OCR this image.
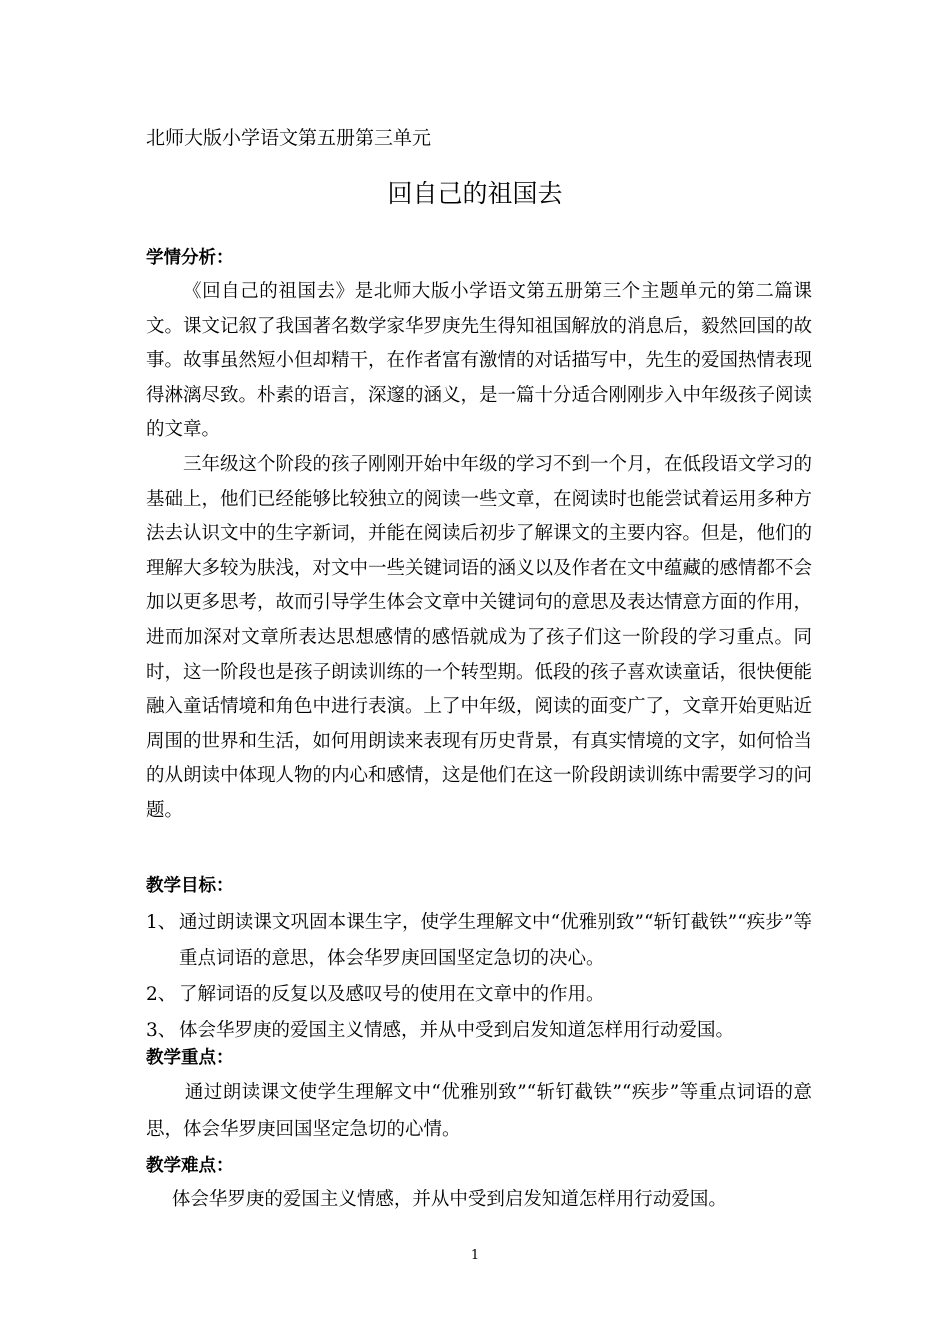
北师大版小学语文第五册第三单元
回自己的祖国去
学情分析：

《回自己的祖国去》是北师大版小学语文第五册第三个主题单元的第二篇课文。课文记叙了我国著名数学家华罗庚先生得知祖国解放的消息后，毅然回国的故事。故事虽然短小但却精干，在作者富有激情的对话描写中，先生的爱国热情表现得淋漓尽致。朴素的语言，深邃的涵义，是一篇十分适合刚刚步入中年级孩子阅读的文章。

三年级这个阶段的孩子刚刚开始中年级的学习不到一个月，在低段语文学习的基础上，他们已经能够比较独立的阅读一些文章，在阅读时也能尝试着运用多种方法去认识文中的生字新词，并能在阅读后初步了解课文的主要内容。但是，他们的理解大多较为肤浅，对文中一些关键词语的涵义以及作者在文中蕴藏的感情都不会加以更多思考，故而引导学生体会文章中关键词句的意思及表达情意方面的作用，进而加深对文章所表达思想感情的感悟就成为了孩子们这一阶段的学习重点。同时，这一阶段也是孩子朗读训练的一个转型期。低段的孩子喜欢读童话，很快便能融入童话情境和角色中进行表演。上了中年级，阅读的面变广了，文章开始更贴近周围的世界和生活，如何用朗读来表现有历史背景，有真实情境的文字，如何恰当的从朗读中体现人物的内心和感情，这是他们在这一阶段朗读训练中需要学习的问题。

教学目标：
1、 通过朗读课文巩固本课生字，使学生理解文中“优雅别致”“斩钉截铁”“疾步”等重点词语的意思，体会华罗庚回国坚定急切的决心。
2、 了解词语的反复以及感叹号的使用在文章中的作用。
3、 体会华罗庚的爱国主义情感，并从中受到启发知道怎样用行动爱国。
教学重点：

通过朗读课文使学生理解文中“优雅别致”“斩钉截铁”“疾步”等重点词语的意思，体会华罗庚回国坚定急切的心情。

教学难点：

体会华罗庚的爱国主义情感，并从中受到启发知道怎样用行动爱国。

1
